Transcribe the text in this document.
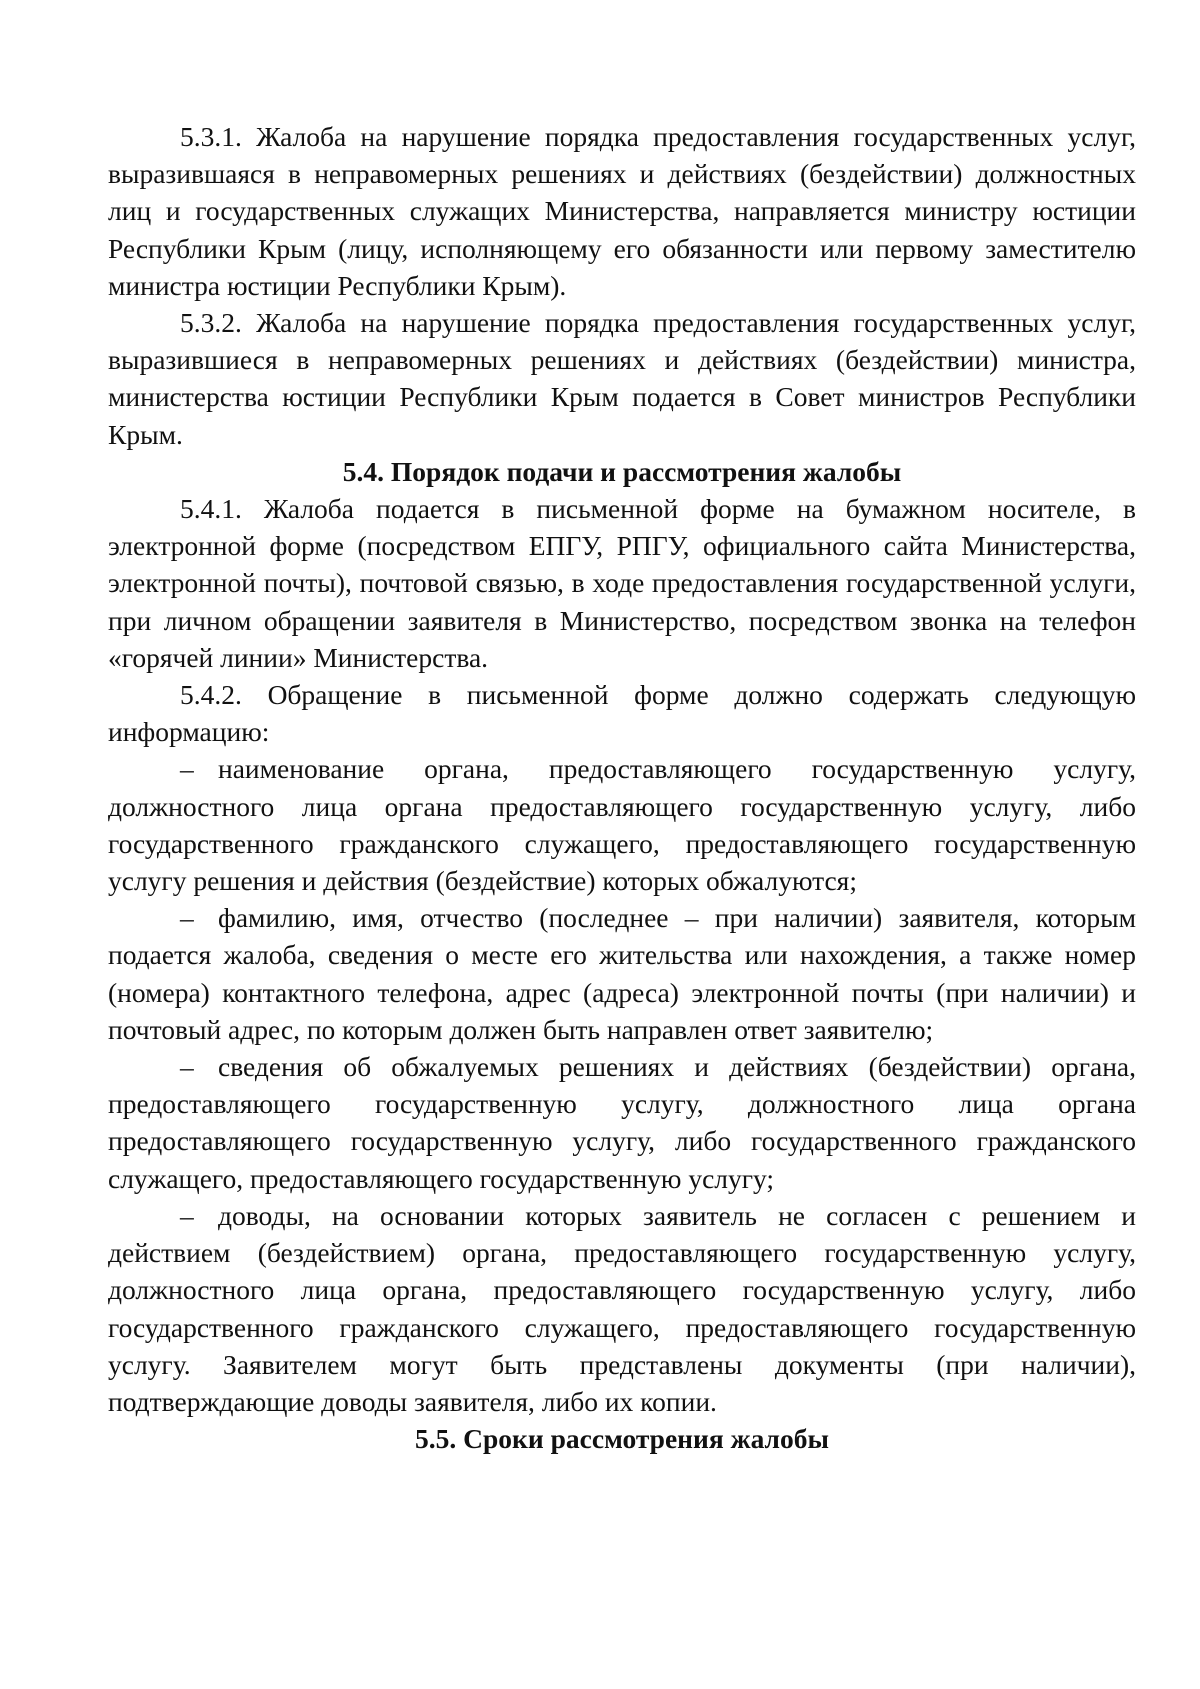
5.3.1. Жалоба на нарушение порядка предоставления государственных услуг, выразившаяся в неправомерных решениях и действиях (бездействии) должностных лиц и государственных служащих Министерства, направляется министру юстиции Республики Крым (лицу, исполняющему его обязанности или первому заместителю министра юстиции Республики Крым).

5.3.2. Жалоба на нарушение порядка предоставления государственных услуг, выразившиеся в неправомерных решениях и действиях (бездействии) министра, министерства юстиции Республики Крым подается в Совет министров Республики Крым.

5.4. Порядок подачи и рассмотрения жалобы

5.4.1. Жалоба подается в письменной форме на бумажном носителе, в электронной форме (посредством ЕПГУ, РПГУ, официального сайта Министерства, электронной почты), почтовой связью, в ходе предоставления государственной услуги, при личном обращении заявителя в Министерство, посредством звонка на телефон «горячей линии» Министерства.

5.4.2. Обращение в письменной форме должно содержать следующую информацию:

– наименование органа, предоставляющего государственную услугу, должностного лица органа предоставляющего государственную услугу, либо государственного гражданского служащего, предоставляющего государственную услугу решения и действия (бездействие) которых обжалуются;

– фамилию, имя, отчество (последнее – при наличии) заявителя, которым подается жалоба, сведения о месте его жительства или нахождения, а также номер (номера) контактного телефона, адрес (адреса) электронной почты (при наличии) и почтовый адрес, по которым должен быть направлен ответ заявителю;

– сведения об обжалуемых решениях и действиях (бездействии) органа, предоставляющего государственную услугу, должностного лица органа предоставляющего государственную услугу, либо государственного гражданского служащего, предоставляющего государственную услугу;

– доводы, на основании которых заявитель не согласен с решением и действием (бездействием) органа, предоставляющего государственную услугу, должностного лица органа, предоставляющего государственную услугу, либо государственного гражданского служащего, предоставляющего государственную услугу. Заявителем могут быть представлены документы (при наличии), подтверждающие доводы заявителя, либо их копии.

5.5. Сроки рассмотрения жалобы
